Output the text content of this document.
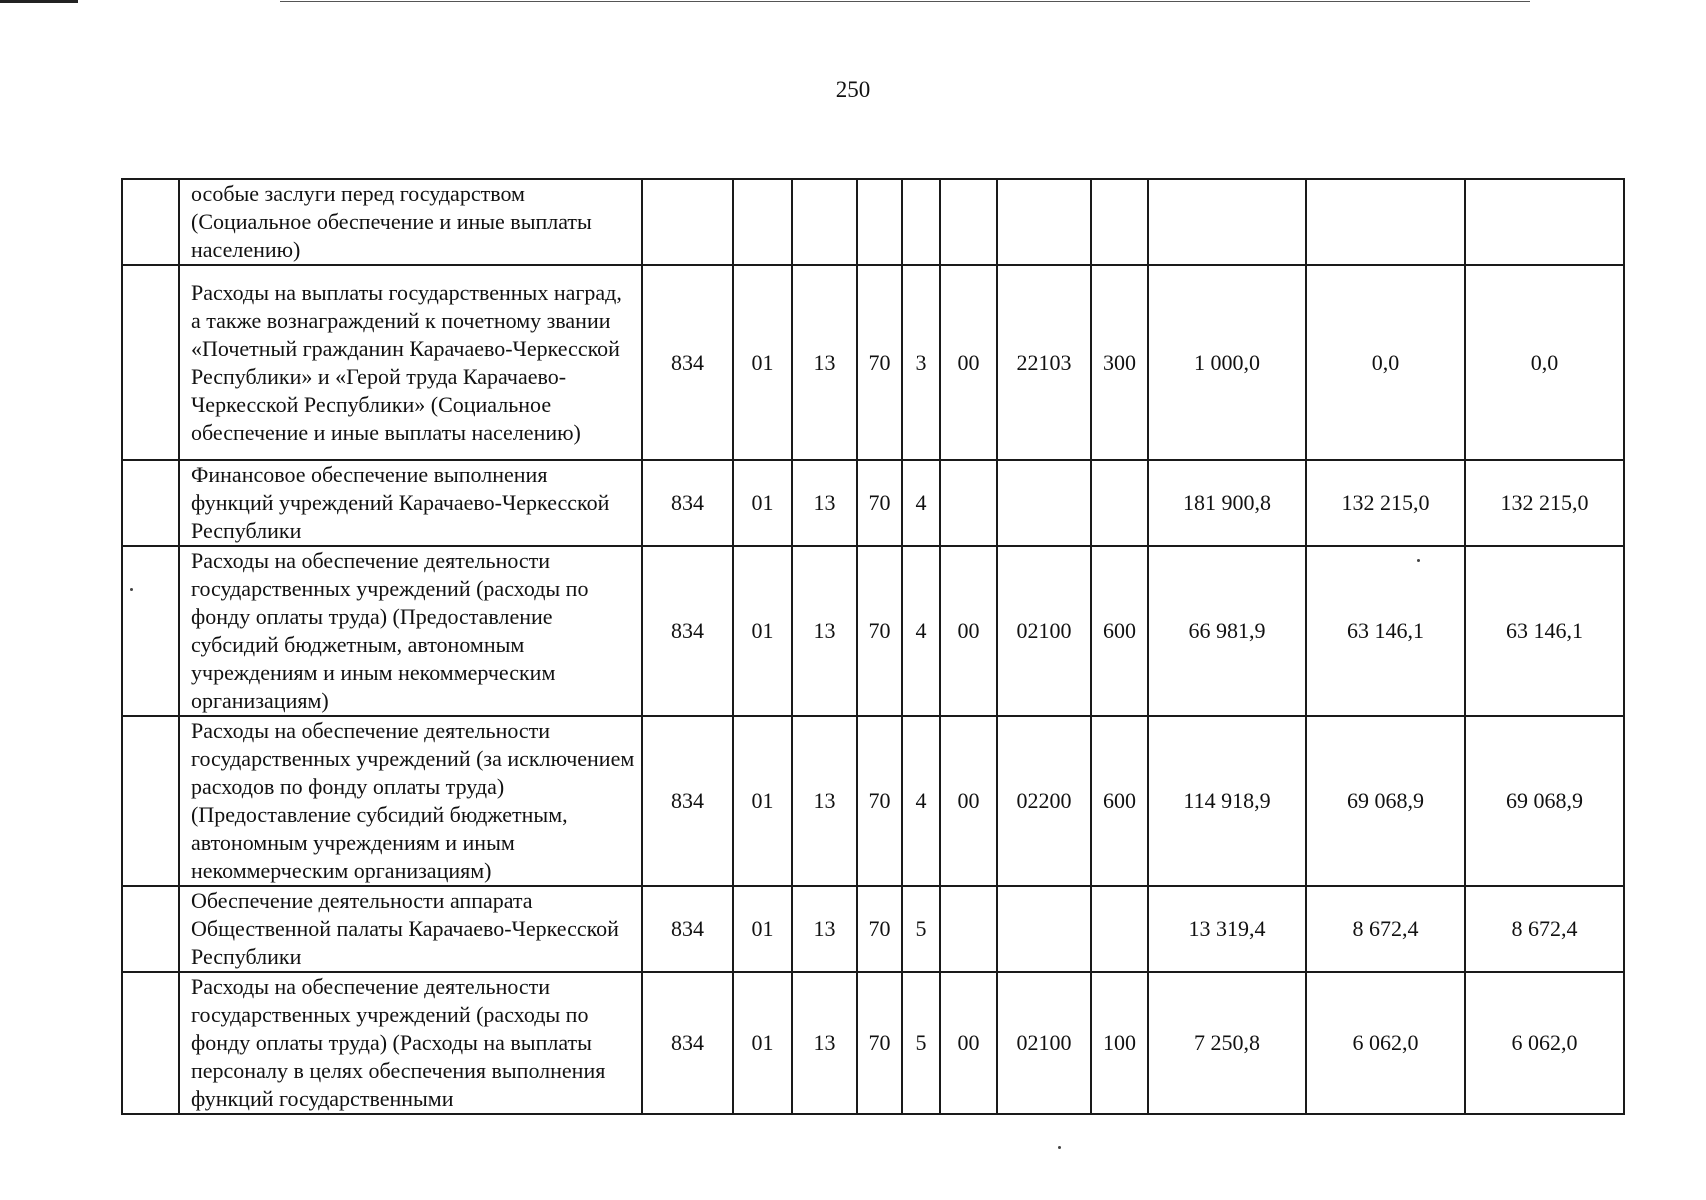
250
	особые заслуги перед государством (Социальное обеспечение и иные выплаты населению)											
	Расходы на выплаты государственных наград, а также вознаграждений к почетному звании «Почетный гражданин Карачаево-Черкесской Республики» и «Герой труда Карачаево-Черкесской Республики» (Социальное обеспечение и иные выплаты населению)	834	01	13	70	3	00	22103	300	1 000,0	0,0	0,0
	Финансовое обеспечение выполнения функций учреждений Карачаево-Черкесской Республики	834	01	13	70	4				181 900,8	132 215,0	132 215,0
	Расходы на обеспечение деятельности государственных учреждений (расходы по фонду оплаты труда) (Предоставление субсидий бюджетным, автономным учреждениям и иным некоммерческим организациям)	834	01	13	70	4	00	02100	600	66 981,9	63 146,1	63 146,1
	Расходы на обеспечение деятельности государственных учреждений (за исключением расходов по фонду оплаты труда) (Предоставление субсидий бюджетным, автономным учреждениям и иным некоммерческим организациям)	834	01	13	70	4	00	02200	600	114 918,9	69 068,9	69 068,9
	Обеспечение деятельности аппарата Общественной палаты Карачаево-Черкесской Республики	834	01	13	70	5				13 319,4	8 672,4	8 672,4
	Расходы на обеспечение деятельности государственных учреждений (расходы по фонду оплаты труда) (Расходы на выплаты персоналу в целях обеспечения выполнения функций государственными	834	01	13	70	5	00	02100	100	7 250,8	6 062,0	6 062,0
